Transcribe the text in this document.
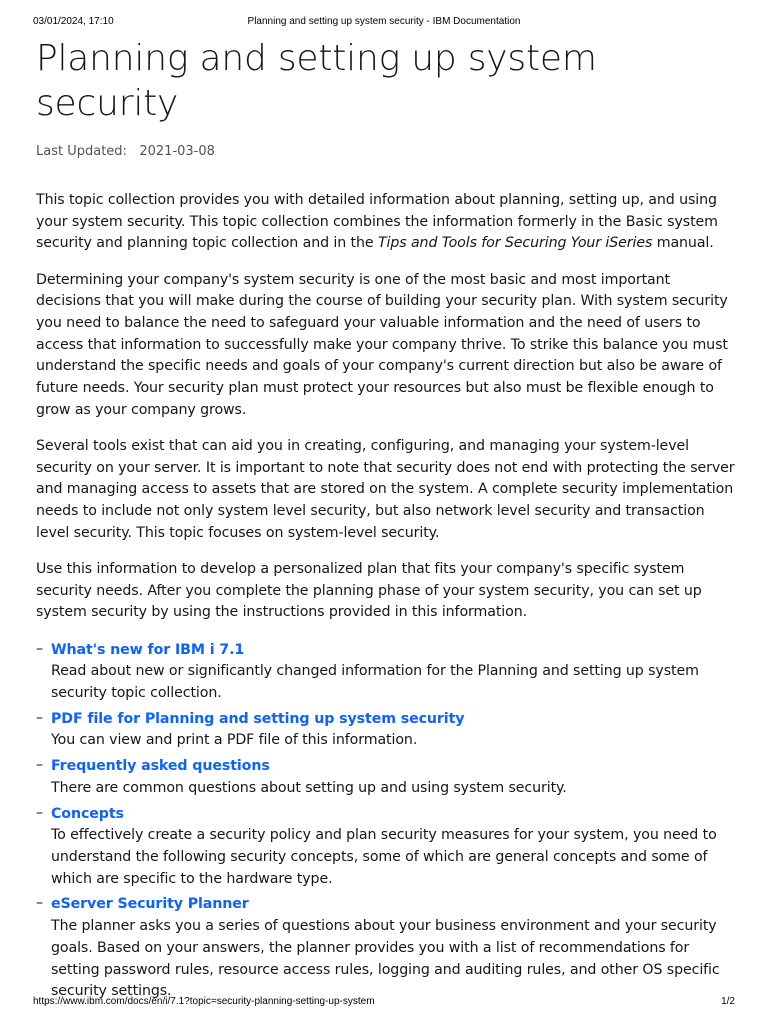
03/01/2024, 17:10	Planning and setting up system security - IBM Documentation
Planning and setting up system security
Last Updated: 2021-03-08

This topic collection provides you with detailed information about planning, setting up, and using your system security. This topic collection combines the information formerly in the Basic system security and planning topic collection and in the Tips and Tools for Securing Your iSeries manual.

Determining your company's system security is one of the most basic and most important decisions that you will make during the course of building your security plan. With system security you need to balance the need to safeguard your valuable information and the need of users to access that information to successfully make your company thrive. To strike this balance you must understand the specific needs and goals of your company's current direction but also be aware of future needs. Your security plan must protect your resources but also must be flexible enough to grow as your company grows.

Several tools exist that can aid you in creating, configuring, and managing your system-level security on your server. It is important to note that security does not end with protecting the server and managing access to assets that are stored on the system. A complete security implementation needs to include not only system level security, but also network level security and transaction level security. This topic focuses on system-level security.

Use this information to develop a personalized plan that fits your company's specific system security needs. After you complete the planning phase of your system security, you can set up system security by using the instructions provided in this information.

– What's new for IBM i 7.1
Read about new or significantly changed information for the Planning and setting up system security topic collection.
– PDF file for Planning and setting up system security
You can view and print a PDF file of this information.
– Frequently asked questions
There are common questions about setting up and using system security.
– Concepts
To effectively create a security policy and plan security measures for your system, you need to understand the following security concepts, some of which are general concepts and some of which are specific to the hardware type.
– eServer Security Planner
The planner asks you a series of questions about your business environment and your security goals. Based on your answers, the planner provides you with a list of recommendations for setting password rules, resource access rules, logging and auditing rules, and other OS specific security settings.
https://www.ibm.com/docs/en/i/7.1?topic=security-planning-setting-up-system	1/2
